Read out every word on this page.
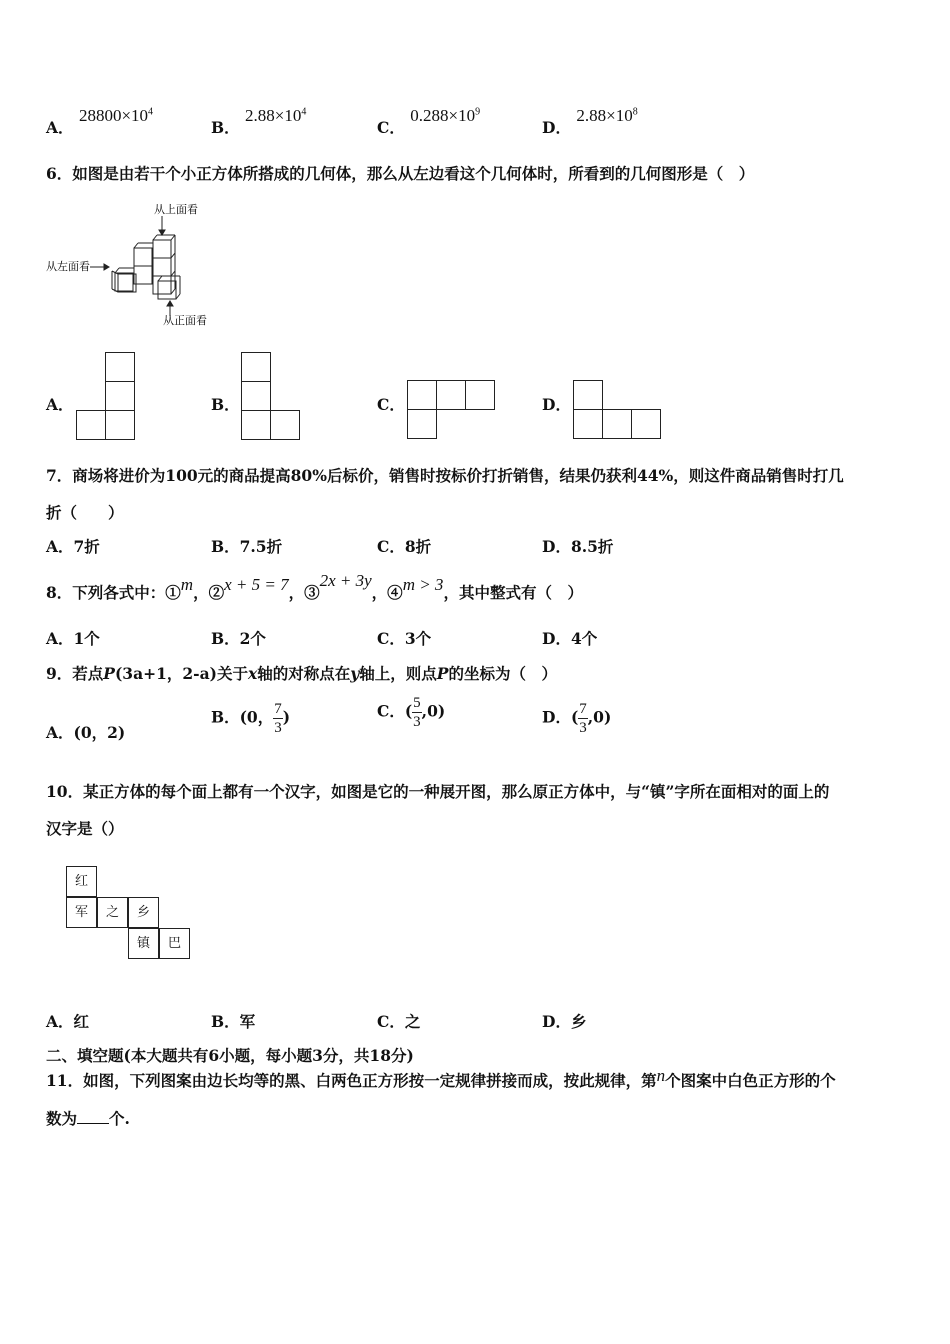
A． $28800\times 10^4$
B． $2.88\times 10^4$
C． $0.288\times 10^9$
D． $2.88\times 10^8$
6．如图是由若干个小正方体所搭成的几何体，那么从左边看这个几何体时，所看到的几何图形是（　）
从上面看
从左面看
从正面看
A．	B．	C．	D．
7．商场将进价为100元的商品提高80%后标价，销售时按标价打折销售，结果仍获利44%，则这件商品销售时打几
折（　　）
A．7折	B．7.5折	C．8折	D．8.5折
8．下列各式中：①m，②x + 5 = 7，③2x + 3y，④m > 3，其中整式有（　）
A．1个	B．2个	C．3个	D．4个
9．若点P(3a+1，2-a)关于x轴的对称点在y轴上，则点P的坐标为（　）
A．(0，2)
B．(0， $\frac{7}{3}$ )	C．( $\frac{5}{3} ,0$)	D．( $\frac{7}{3} ,0$)
10．某正方体的每个面上都有一个汉字，如图是它的一种展开图，那么原正方体中，与“镇”字所在面相对的面上的
汉字是（）
红
军	之	乡
镇	巴
A．红	B．军	C．之	D．乡
二、填空题(本大题共有6小题，每小题3分，共18分)
11．如图，下列图案由边长均等的黑、白两色正方形按一定规律拼接而成，按此规律，第n个图案中白色正方形的个
数为 个.
